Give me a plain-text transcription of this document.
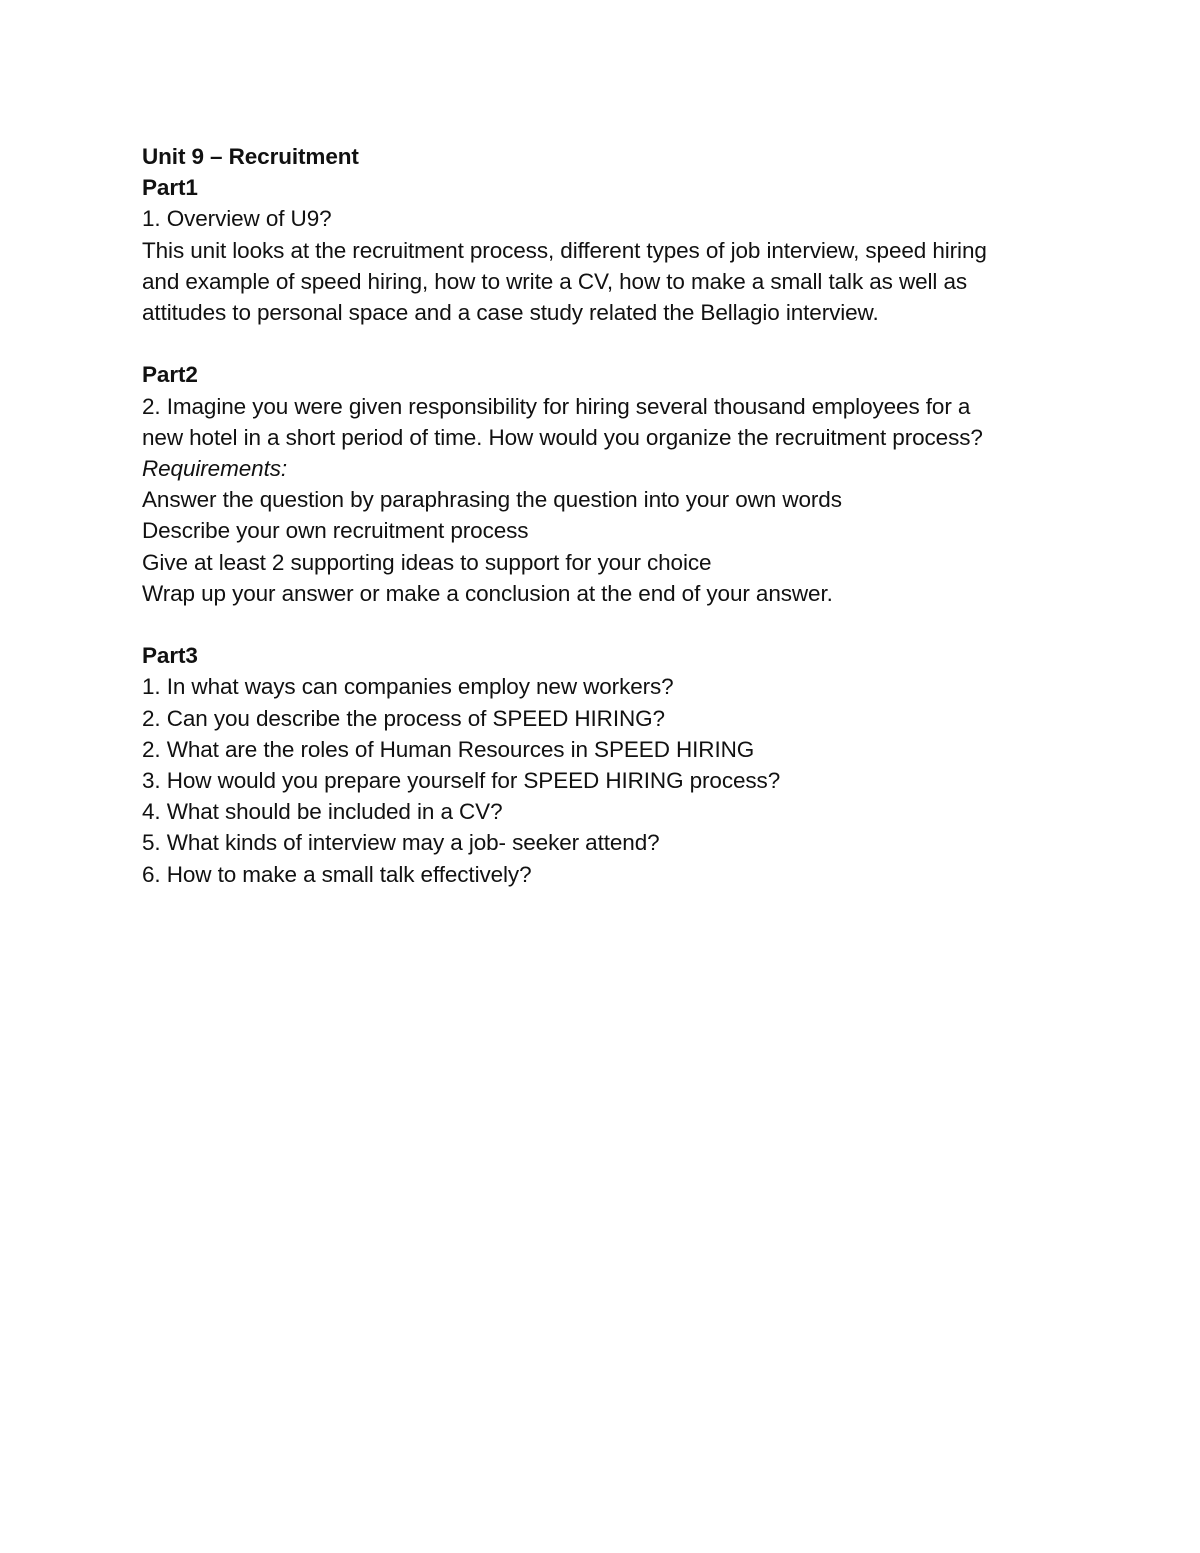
Unit 9 – Recruitment

Part1

1. Overview of U9?

This unit looks at the recruitment process, different types of job interview, speed hiring

and example of speed hiring, how to write a CV, how to make a small talk as well as

attitudes to personal space and a case study related the Bellagio interview.

Part2

2. Imagine you were given responsibility for hiring several thousand employees for a

new hotel in a short period of time. How would you organize the recruitment process?

Requirements:

Answer the question by paraphrasing the question into your own words

Describe your own recruitment process

Give at least 2 supporting ideas to support for your choice

Wrap up your answer or make a conclusion at the end of your answer.

Part3

1. In what ways can companies employ new workers?

2. Can you describe the process of SPEED HIRING?

2. What are the roles of Human Resources in SPEED HIRING

3. How would you prepare yourself for SPEED HIRING process?

4. What should be included in a CV?

5. What kinds of interview may a job- seeker attend?

6. How to make a small talk effectively?
